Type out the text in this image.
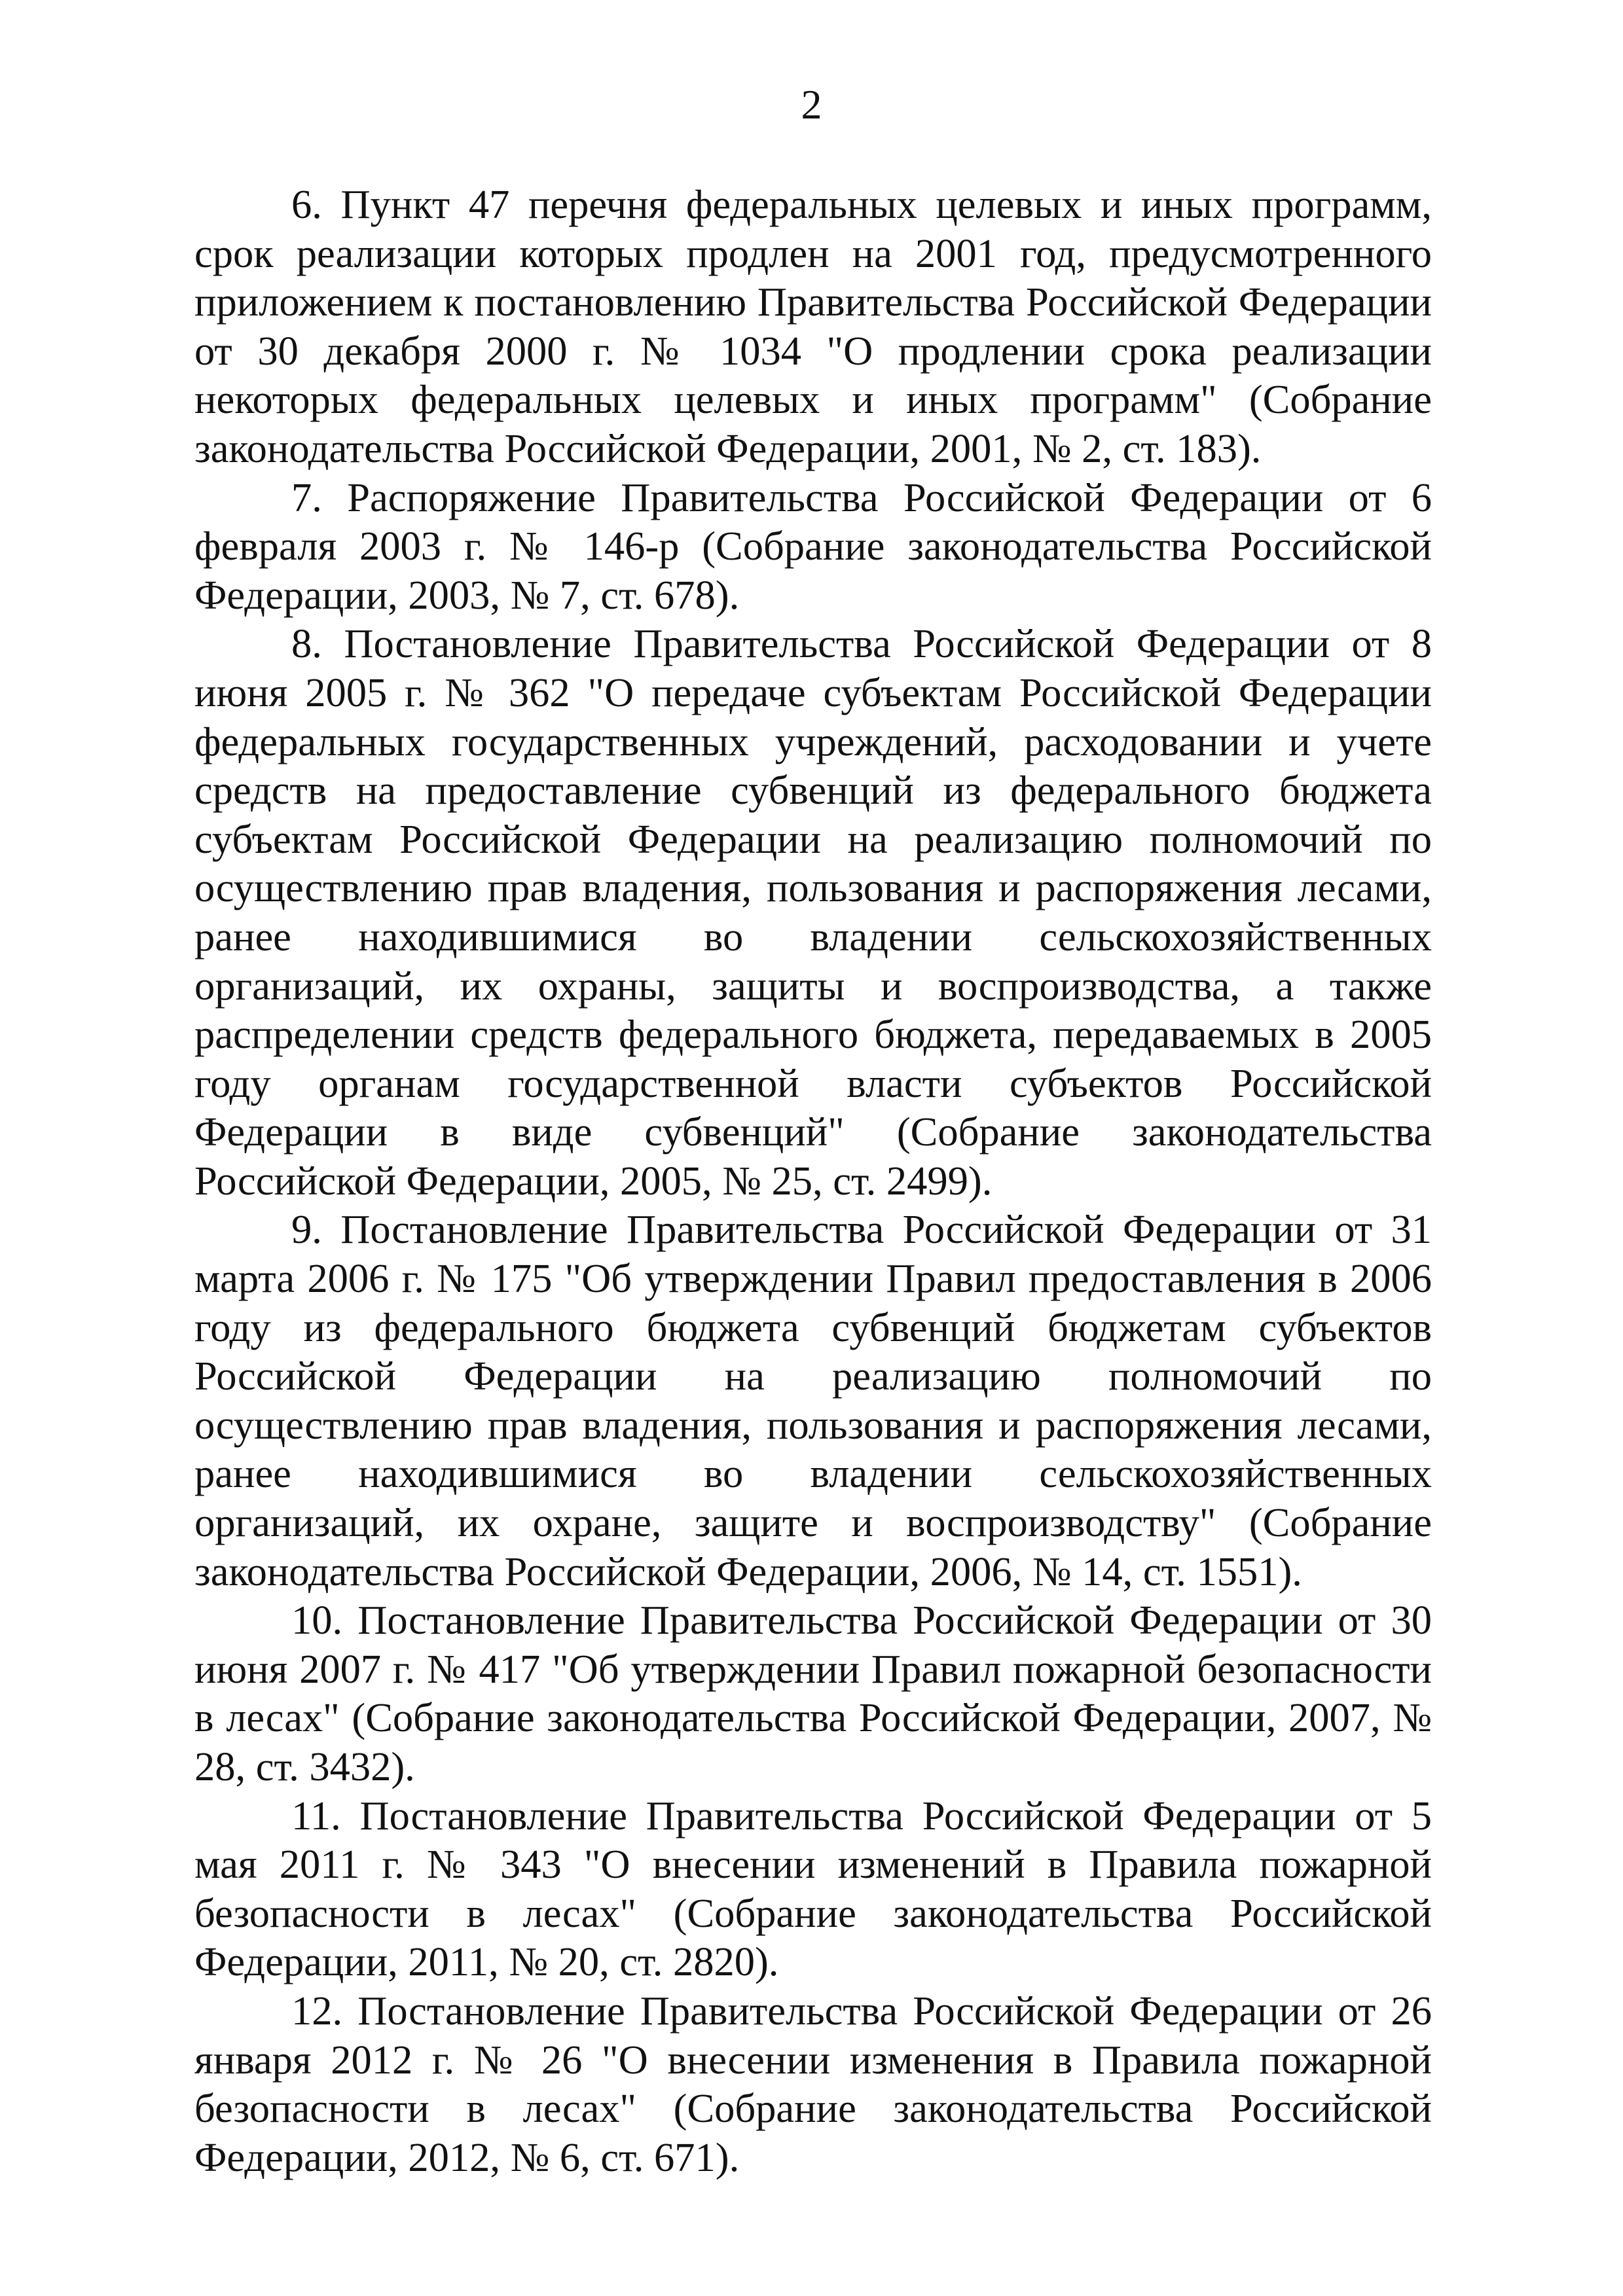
2

6. Пункт 47 перечня федеральных целевых и иных программ, срок реализации которых продлен на 2001 год, предусмотренного приложением к постановлению Правительства Российской Федерации от 30 декабря 2000 г. № 1034 "О продлении срока реализации некоторых федеральных целевых и иных программ" (Собрание законодательства Российской Федерации, 2001, № 2, ст. 183).

7. Распоряжение Правительства Российской Федерации от 6 февраля 2003 г. № 146-р (Собрание законодательства Российской Федерации, 2003, № 7, ст. 678).

8. Постановление Правительства Российской Федерации от 8 июня 2005 г. № 362 "О передаче субъектам Российской Федерации федеральных государственных учреждений, расходовании и учете средств на предоставление субвенций из федерального бюджета субъектам Российской Федерации на реализацию полномочий по осуществлению прав владения, пользования и распоряжения лесами, ранее находившимися во владении сельскохозяйственных организаций, их охраны, защиты и воспроизводства, а также распределении средств федерального бюджета, передаваемых в 2005 году органам государственной власти субъектов Российской Федерации в виде субвенций" (Собрание законодательства Российской Федерации, 2005, № 25, ст. 2499).

9. Постановление Правительства Российской Федерации от 31 марта 2006 г. № 175 "Об утверждении Правил предоставления в 2006 году из федерального бюджета субвенций бюджетам субъектов Российской Федерации на реализацию полномочий по осуществлению прав владения, пользования и распоряжения лесами, ранее находившимися во владении сельскохозяйственных организаций, их охране, защите и воспроизводству" (Собрание законодательства Российской Федерации, 2006, № 14, ст. 1551).

10. Постановление Правительства Российской Федерации от 30 июня 2007 г. № 417 "Об утверждении Правил пожарной безопасности в лесах" (Собрание законодательства Российской Федерации, 2007, № 28, ст. 3432).

11. Постановление Правительства Российской Федерации от 5 мая 2011 г. № 343 "О внесении изменений в Правила пожарной безопасности в лесах" (Собрание законодательства Российской Федерации, 2011, № 20, ст. 2820).

12. Постановление Правительства Российской Федерации от 26 января 2012 г. № 26 "О внесении изменения в Правила пожарной безопасности в лесах" (Собрание законодательства Российской Федерации, 2012, № 6, ст. 671).
